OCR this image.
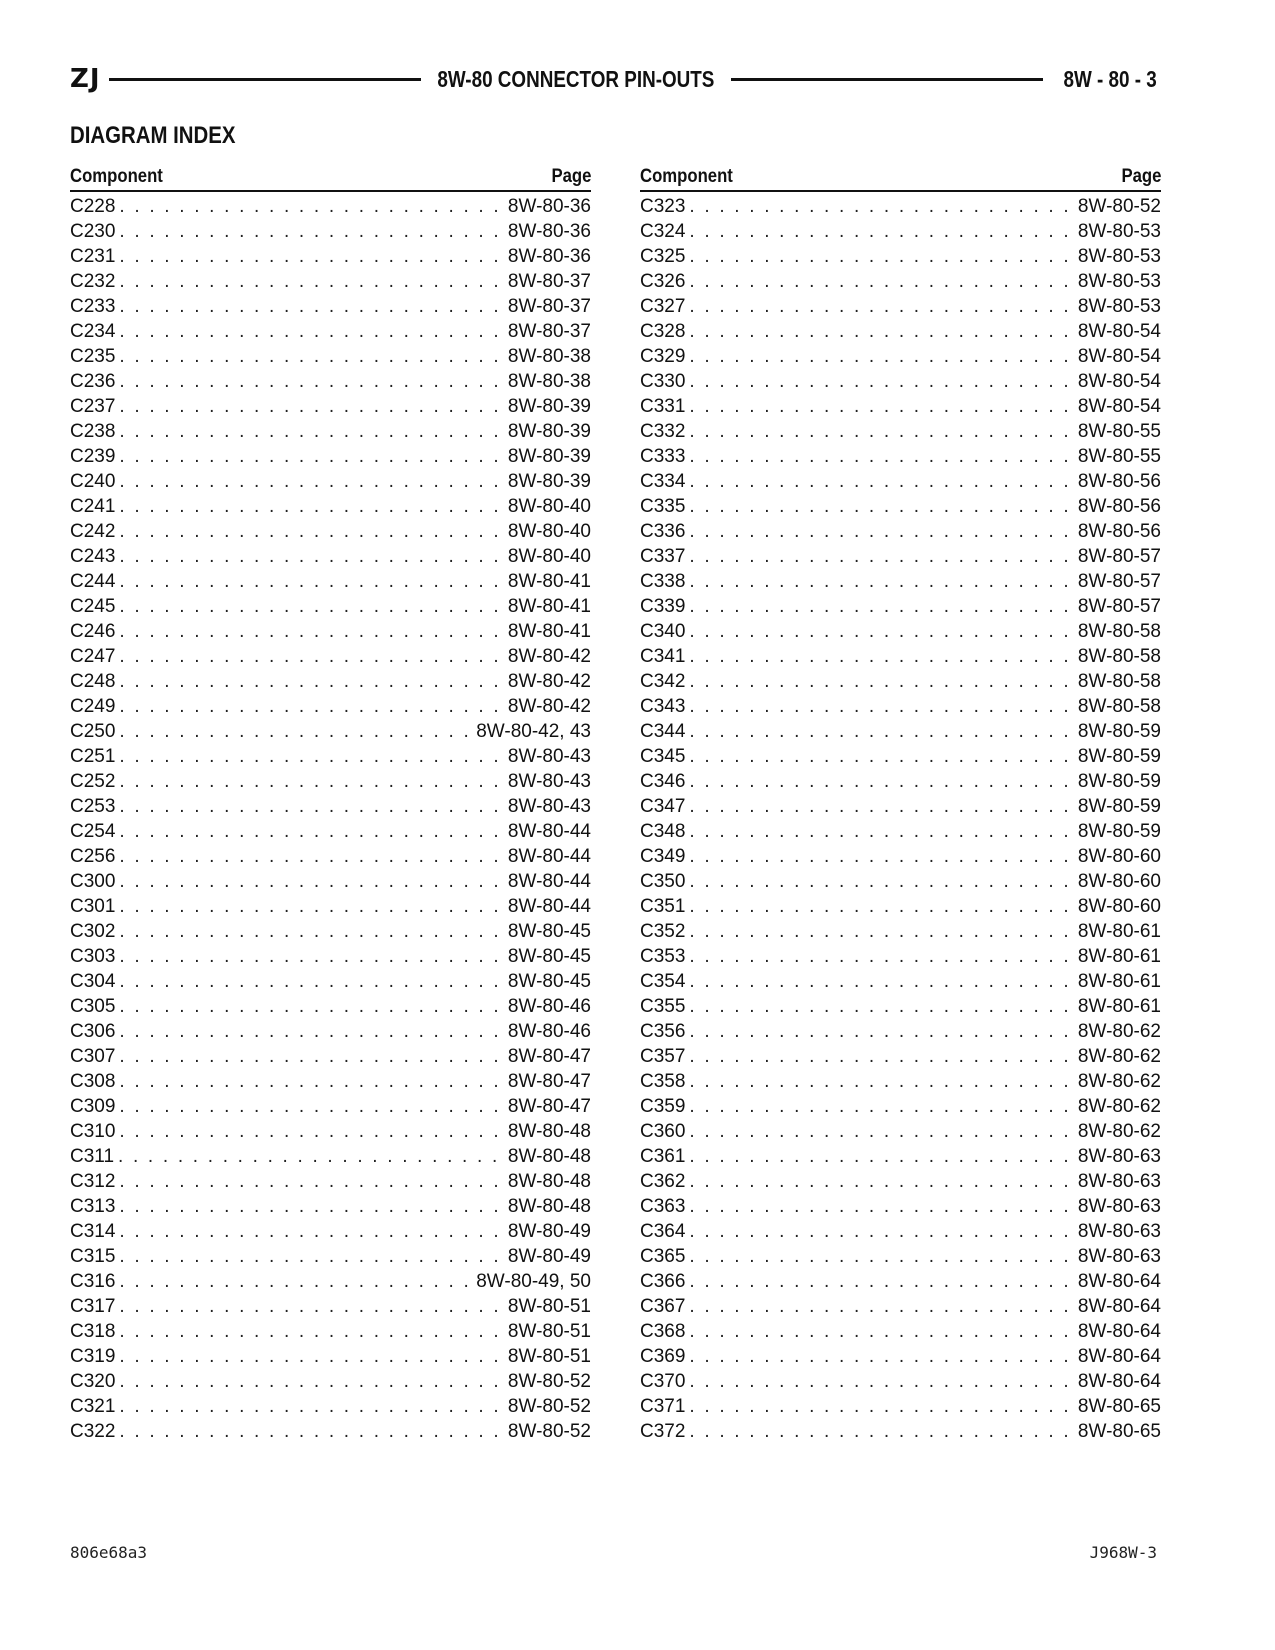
ZJ	8W-80 CONNECTOR PIN-OUTS	8W - 80 - 3
DIAGRAM INDEX
Component	Page
C228 . . .	8W-80-36
C230 . . .	8W-80-36
C231 . . .	8W-80-36
C232 . . .	8W-80-37
C233 . . .	8W-80-37
C234 . . .	8W-80-37
C235 . . .	8W-80-38
C236 . . .	8W-80-38
C237 . . .	8W-80-39
C238 . . .	8W-80-39
C239 . . .	8W-80-39
C240 . . .	8W-80-39
C241 . . .	8W-80-40
C242 . . .	8W-80-40
C243 . . .	8W-80-40
C244 . . .	8W-80-41
C245 . . .	8W-80-41
C246 . . .	8W-80-41
C247 . . .	8W-80-42
C248 . . .	8W-80-42
C249 . . .	8W-80-42
C250 . . .	8W-80-42, 43
C251 . . .	8W-80-43
C252 . . .	8W-80-43
C253 . . .	8W-80-43
C254 . . .	8W-80-44
C256 . . .	8W-80-44
C300 . . .	8W-80-44
C301 . . .	8W-80-44
C302 . . .	8W-80-45
C303 . . .	8W-80-45
C304 . . .	8W-80-45
C305 . . .	8W-80-46
C306 . . .	8W-80-46
C307 . . .	8W-80-47
C308 . . .	8W-80-47
C309 . . .	8W-80-47
C310 . . .	8W-80-48
C311 . . .	8W-80-48
C312 . . .	8W-80-48
C313 . . .	8W-80-48
C314 . . .	8W-80-49
C315 . . .	8W-80-49
C316 . . .	8W-80-49, 50
C317 . . .	8W-80-51
C318 . . .	8W-80-51
C319 . . .	8W-80-51
C320 . . .	8W-80-52
C321 . . .	8W-80-52
C322 . . .	8W-80-52
Component	Page
C323 . . .	8W-80-52
C324 . . .	8W-80-53
C325 . . .	8W-80-53
C326 . . .	8W-80-53
C327 . . .	8W-80-53
C328 . . .	8W-80-54
C329 . . .	8W-80-54
C330 . . .	8W-80-54
C331 . . .	8W-80-54
C332 . . .	8W-80-55
C333 . . .	8W-80-55
C334 . . .	8W-80-56
C335 . . .	8W-80-56
C336 . . .	8W-80-56
C337 . . .	8W-80-57
C338 . . .	8W-80-57
C339 . . .	8W-80-57
C340 . . .	8W-80-58
C341 . . .	8W-80-58
C342 . . .	8W-80-58
C343 . . .	8W-80-58
C344 . . .	8W-80-59
C345 . . .	8W-80-59
C346 . . .	8W-80-59
C347 . . .	8W-80-59
C348 . . .	8W-80-59
C349 . . .	8W-80-60
C350 . . .	8W-80-60
C351 . . .	8W-80-60
C352 . . .	8W-80-61
C353 . . .	8W-80-61
C354 . . .	8W-80-61
C355 . . .	8W-80-61
C356 . . .	8W-80-62
C357 . . .	8W-80-62
C358 . . .	8W-80-62
C359 . . .	8W-80-62
C360 . . .	8W-80-62
C361 . . .	8W-80-63
C362 . . .	8W-80-63
C363 . . .	8W-80-63
C364 . . .	8W-80-63
C365 . . .	8W-80-63
C366 . . .	8W-80-64
C367 . . .	8W-80-64
C368 . . .	8W-80-64
C369 . . .	8W-80-64
C370 . . .	8W-80-64
C371 . . .	8W-80-65
C372 . . .	8W-80-65
806e68a3	J968W-3
